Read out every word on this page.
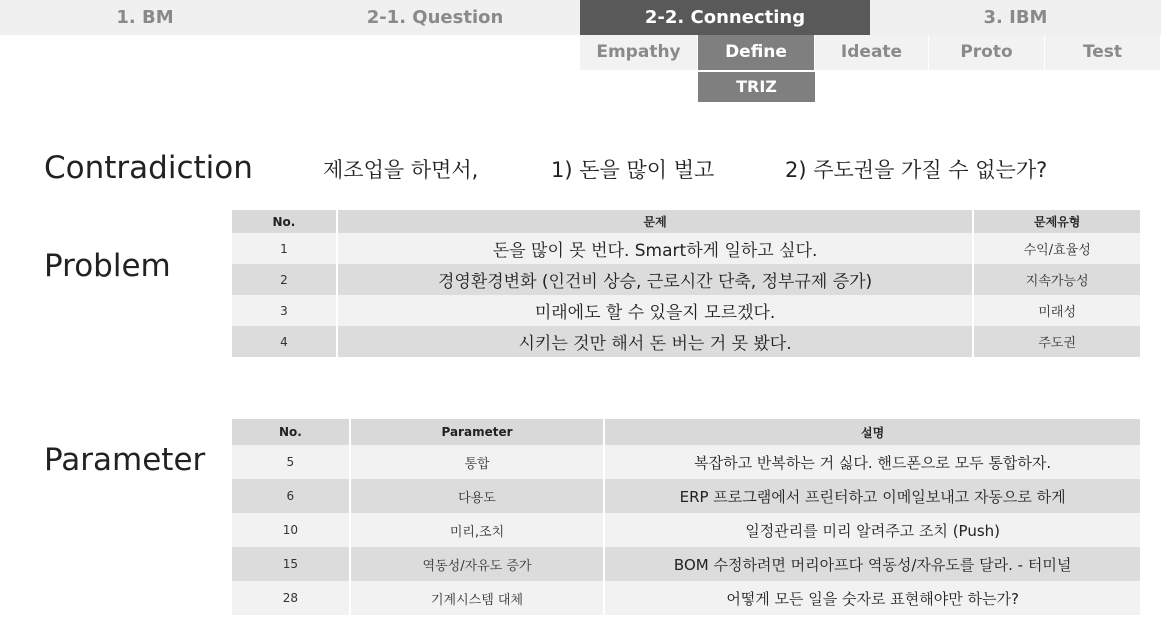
1. BM	2-1. Question	2-2. Connecting	3. IBM
Empathy	Define	Ideate	Proto	Test
TRIZ
Contradiction	제조업을 하면서,	1) 돈을 많이 벌고	2) 주도권을 가질 수 없는가?
Problem
No.	문제	문제유형
1	돈을 많이 못 번다. Smart하게 일하고 싶다.	수익/효율성
2	경영환경변화 (인건비 상승, 근로시간 단축, 정부규제 증가)	지속가능성
3	미래에도 할 수 있을지 모르겠다.	미래성
4	시키는 것만 해서 돈 버는 거 못 봤다.	주도권
Parameter
No.	Parameter	설명
5	통합	복잡하고 반복하는 거 싫다. 핸드폰으로 모두 통합하자.
6	다용도	ERP 프로그램에서 프린터하고 이메일보내고 자동으로 하게
10	미리,조치	일정관리를 미리 알려주고 조치 (Push)
15	역동성/자유도 증가	BOM 수정하려면 머리아프다 역동성/자유도를 달라. - 터미널
28	기계시스템 대체	어떻게 모든 일을 숫자로 표현해야만 하는가?
